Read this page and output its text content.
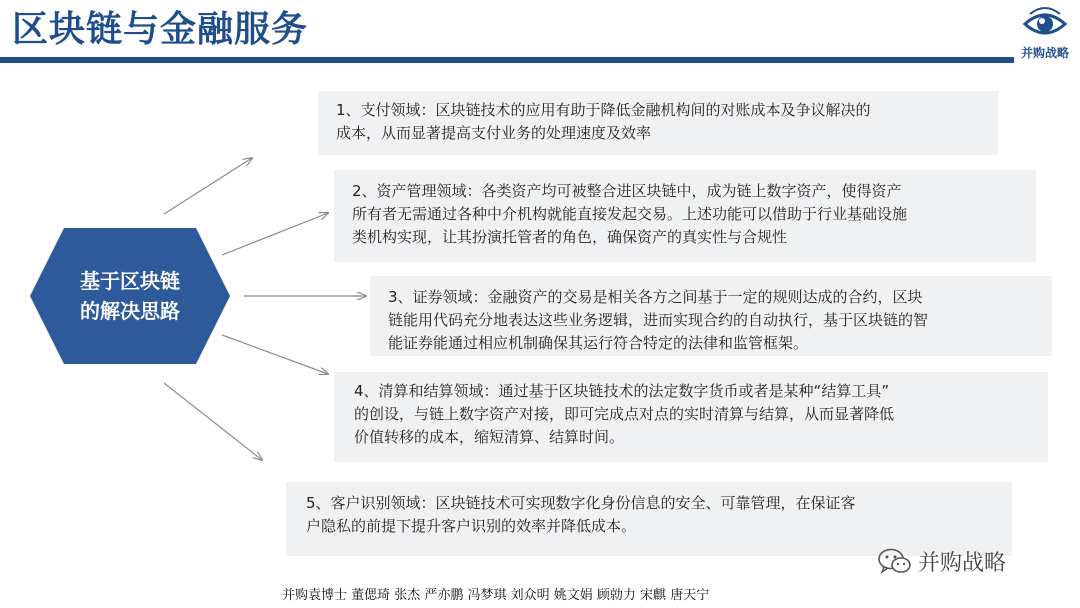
区块链与金融服务
并购战略
基于区块链
的解决思路
1、支付领域：区块链技术的应用有助于降低金融机构间的对账成本及争议解决的
成本，从而显著提高支付业务的处理速度及效率
2、资产管理领域：各类资产均可被整合进区块链中，成为链上数字资产，使得资产
所有者无需通过各种中介机构就能直接发起交易。上述功能可以借助于行业基础设施
类机构实现，让其扮演托管者的角色，确保资产的真实性与合规性
3、证券领域：金融资产的交易是相关各方之间基于一定的规则达成的合约，区块
链能用代码充分地表达这些业务逻辑，进而实现合约的自动执行，基于区块链的智
能证券能通过相应机制确保其运行符合特定的法律和监管框架。
4、清算和结算领域：通过基于区块链技术的法定数字货币或者是某种“结算工具”
的创设，与链上数字资产对接，即可完成点对点的实时清算与结算，从而显著降低
价值转移的成本，缩短清算、结算时间。
5、客户识别领域：区块链技术可实现数字化身份信息的安全、可靠管理，在保证客
户隐私的前提下提升客户识别的效率并降低成本。
并购战略
并购袁博士 董偲琦 张杰 严亦鹏 冯梦琪 刘众明 姚文娟 顾勍力 宋麒 唐天宁
